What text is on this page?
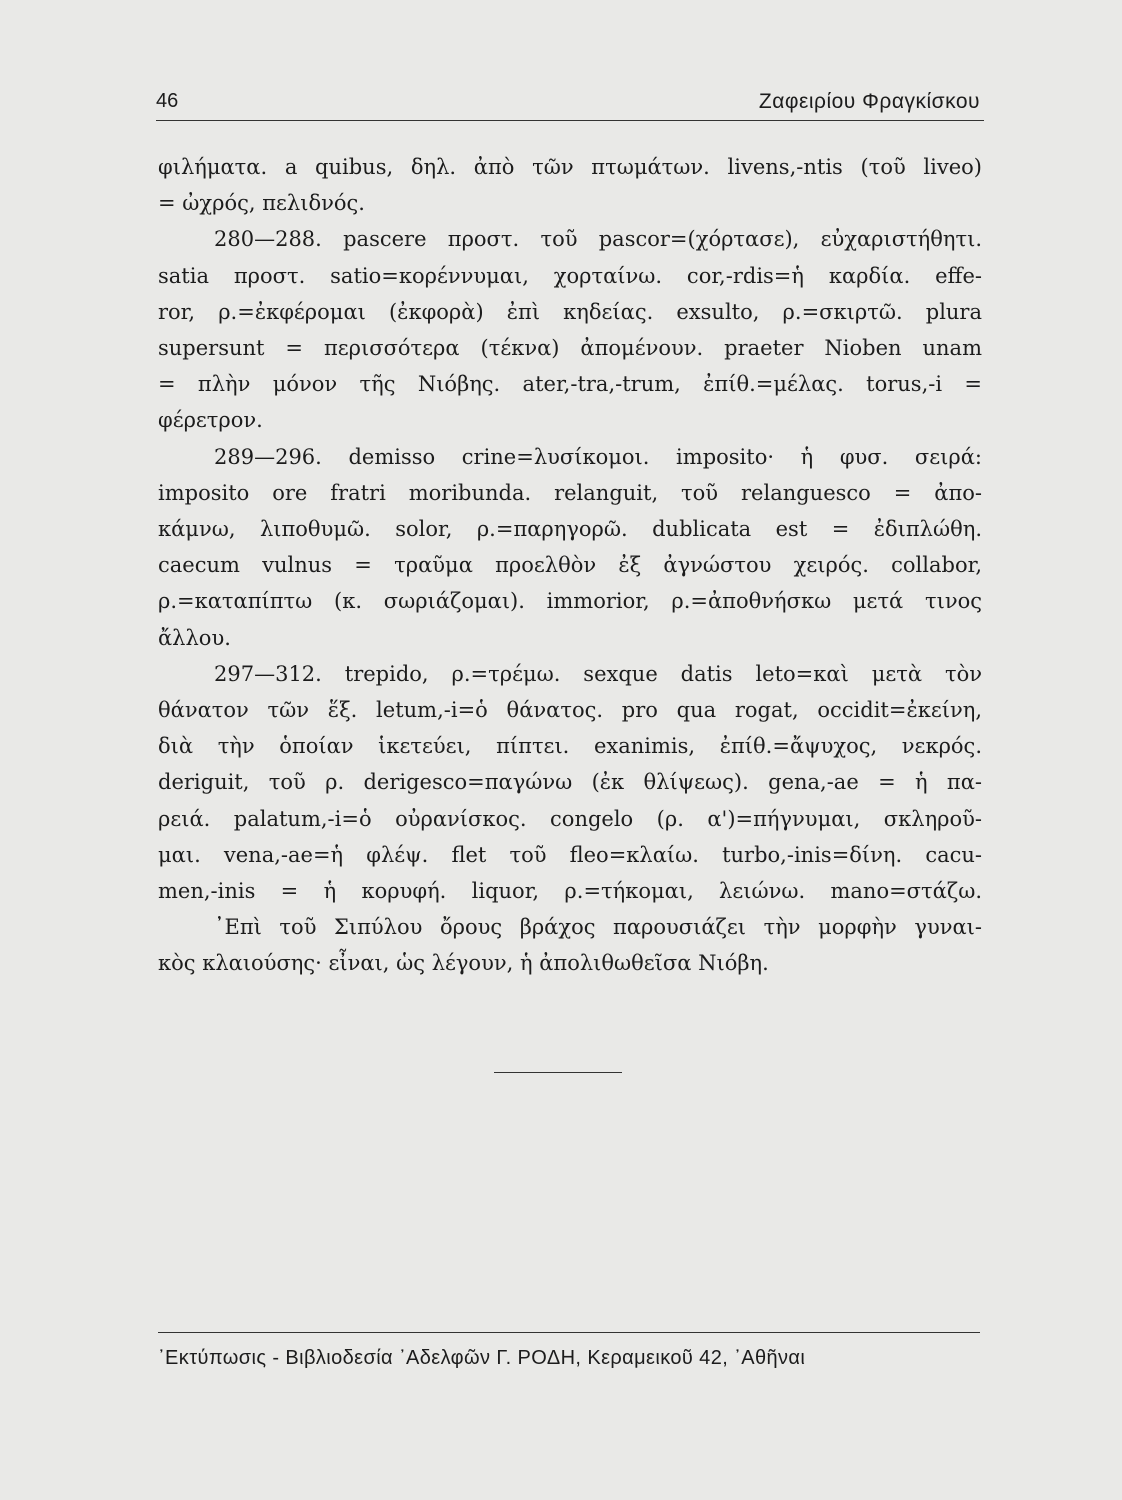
46	Ζαφειρίου Φραγκίσκου
φιλήματα. a quibus, δηλ. ἀπὸ τῶν πτωμάτων. livens,-ntis (τοῦ liveo)
= ὠχρός, πελιδνός.
280—288. pascere προστ. τοῦ pascor=(χόρτασε), εὐχαριστήθητι.
satia προστ. satio=κορέννυμαι, χορταίνω. cor,-rdis=ἡ καρδία. effe-
ror, ρ.=ἐκφέρομαι (ἐκφορὰ) ἐπὶ κηδείας. exsulto, ρ.=σκιρτῶ. plura
supersunt = περισσότερα (τέκνα) ἀπομένουν. praeter Nioben unam
= πλὴν μόνον τῆς Νιόβης. ater,-tra,-trum, ἐπίθ.=μέλας. torus,-i =
φέρετρον.
289—296. demisso crine=λυσίκομοι. imposito· ἡ φυσ. σειρά:
imposito ore fratri moribunda. relanguit, τοῦ relanguesco = ἀπο-
κάμνω, λιποθυμῶ. solor, ρ.=παρηγορῶ. dublicata est = ἐδιπλώθη.
caecum vulnus = τραῦμα προελθὸν ἐξ ἀγνώστου χειρός. collabor,
ρ.=καταπίπτω (κ. σωριάζομαι). immorior, ρ.=ἀποθνήσκω μετά τινος
ἄλλου.
297—312. trepido, ρ.=τρέμω. sexque datis leto=καὶ μετὰ τὸν
θάνατον τῶν ἕξ. letum,-i=ὁ θάνατος. pro qua rogat, occidit=ἐκείνη,
διὰ τὴν ὁποίαν ἱκετεύει, πίπτει. exanimis, ἐπίθ.=ἄψυχος, νεκρός.
deriguit, τοῦ ρ. derigesco=παγώνω (ἐκ θλίψεως). gena,-ae = ἡ πα-
ρειά. palatum,-i=ὁ οὐρανίσκος. congelo (ρ. α')=πήγνυμαι, σκληροῦ-
μαι. vena,-ae=ἡ φλέψ. flet τοῦ fleo=κλαίω. turbo,-inis=δίνη. cacu-
men,-inis = ἡ κορυφή. liquor, ρ.=τήκομαι, λειώνω. mano=στάζω.
᾿Επὶ τοῦ Σιπύλου ὄρους βράχος παρουσιάζει τὴν μορφὴν γυναι-
κὸς κλαιούσης· εἶναι, ὡς λέγουν, ἡ ἀπολιθωθεῖσα Νιόβη.
᾿Εκτύπωσις - Βιβλιοδεσία ᾿Αδελφῶν Γ. ΡΟΔΗ, Κεραμεικοῦ 42, ᾿Αθῆναι
